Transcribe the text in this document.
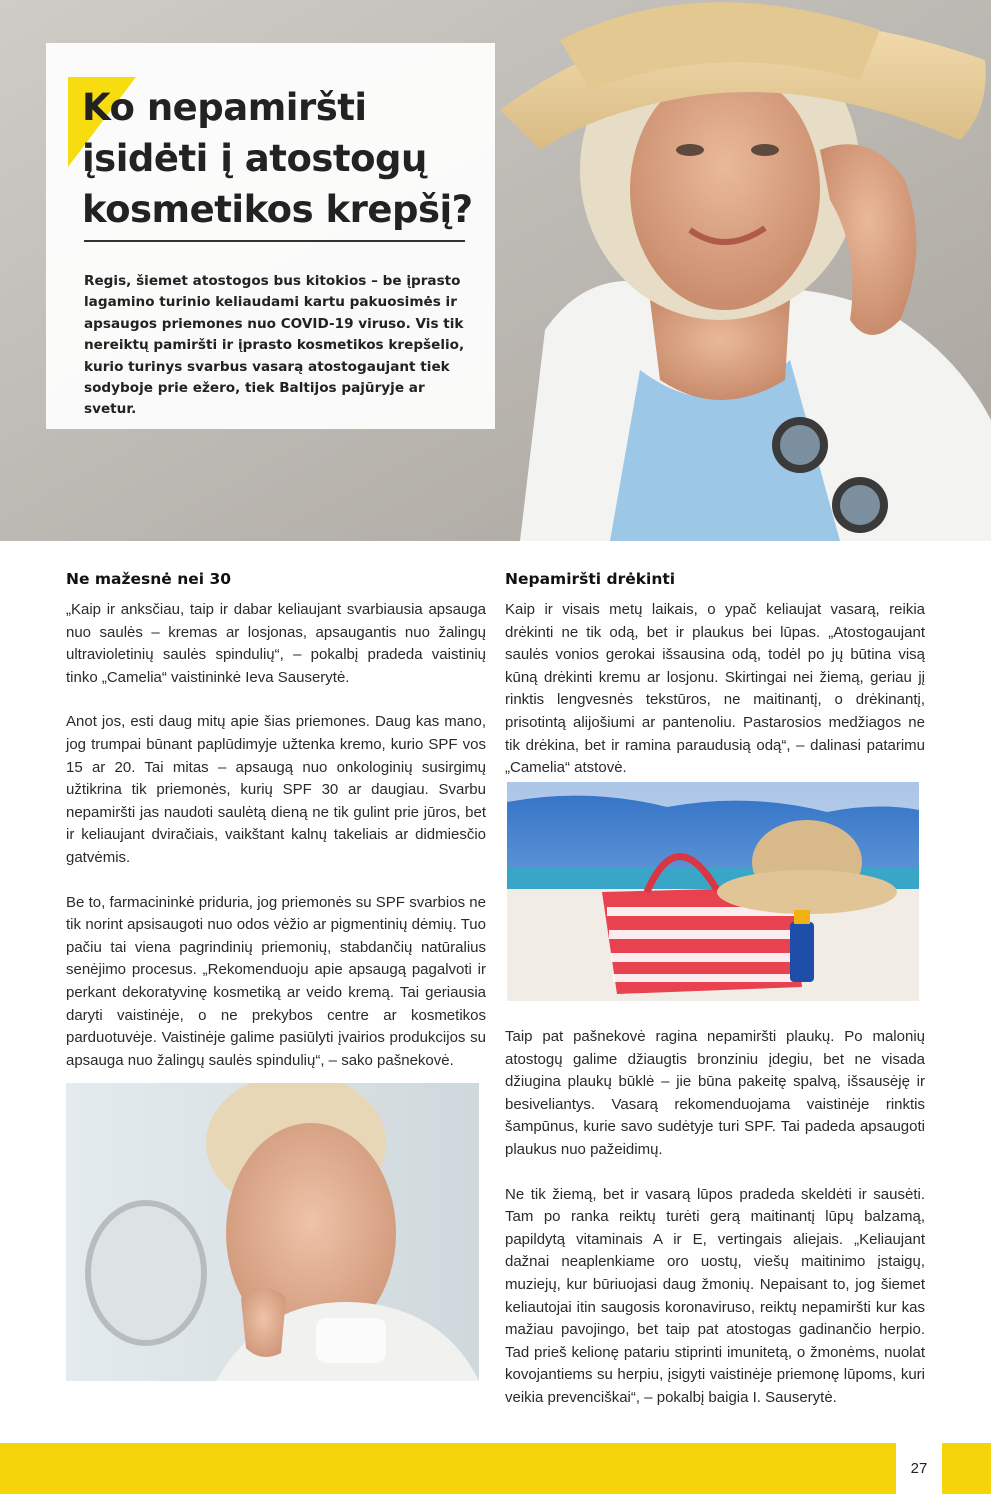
Ko nepamiršti
įsidėti į atostogų
kosmetikos krepšį?

Regis, šiemet atostogos bus kitokios – be įprasto lagamino turinio keliaudami kartu pakuosimės ir apsaugos priemones nuo COVID-19 viruso. Vis tik nereiktų pamiršti ir įprasto kosmetikos krepšelio, kurio turinys svarbus vasarą atostogaujant tiek sodyboje prie ežero, tiek Baltijos pajūryje ar svetur.

Ne mažesnė nei 30

„Kaip ir anksčiau, taip ir dabar keliaujant svarbiausia apsauga nuo saulės – kremas ar losjonas, apsaugantis nuo žalingų ultravioletinių saulės spindulių“, – pokalbį pradeda vaistinių tinko „Camelia“ vaistininkė Ieva Sauserytė.

Anot jos, esti daug mitų apie šias priemones. Daug kas mano, jog trumpai būnant paplūdimyje užtenka kremo, kurio SPF vos 15 ar 20. Tai mitas – apsaugą nuo onkologinių susirgimų užtikrina tik priemonės, kurių SPF 30 ar daugiau. Svarbu nepamiršti jas naudoti saulėtą dieną ne tik gulint prie jūros, bet ir keliaujant dviračiais, vaikštant kalnų takeliais ar didmiesčio gatvėmis.

Be to, farmacininkė priduria, jog priemonės su SPF svarbios ne tik norint apsisaugoti nuo odos vėžio ar pigmentinių dėmių. Tuo pačiu tai viena pagrindinių priemonių, stabdančių natūralius senėjimo procesus. „Rekomenduoju apie apsaugą pagalvoti ir perkant dekoratyvinę kosmetiką ar veido kremą. Tai geriausia daryti vaistinėje, o ne prekybos centre ar kosmetikos parduotuvėje. Vaistinėje galime pasiūlyti įvairios produkcijos su apsauga nuo žalingų saulės spindulių“, – sako pašnekovė.

Nepamiršti drėkinti

Kaip ir visais metų laikais, o ypač keliaujat vasarą, reikia drėkinti ne tik odą, bet ir plaukus bei lūpas. „Atostogaujant saulės vonios gerokai išsausina odą, todėl po jų būtina visą kūną drėkinti kremu ar losjonu. Skirtingai nei žiemą, geriau jį rinktis lengvesnės tekstūros, ne maitinantį, o drėkinantį, prisotintą alijošiumi ar pantenoliu. Pastarosios medžiagos ne tik drėkina, bet ir ramina paraudusią odą“, – dalinasi patarimu „Camelia“ atstovė.

Taip pat pašnekovė ragina nepamiršti plaukų. Po malonių atostogų galime džiaugtis bronziniu įdegiu, bet ne visada džiugina plaukų būklė – jie būna pakeitę spalvą, išsausėję ir besiveliantys. Vasarą rekomenduojama vaistinėje rinktis šampūnus, kurie savo sudėtyje turi SPF. Tai padeda apsaugoti plaukus nuo pažeidimų.

Ne tik žiemą, bet ir vasarą lūpos pradeda skeldėti ir sausėti. Tam po ranka reiktų turėti gerą maitinantį lūpų balzamą, papildytą vitaminais A ir E, vertingais aliejais. „Keliaujant dažnai neaplenkiame oro uostų, viešų maitinimo įstaigų, muziejų, kur būriuojasi daug žmonių. Nepaisant to, jog šiemet keliautojai itin saugosis koronaviruso, reiktų nepamiršti kur kas mažiau pavojingo, bet taip pat atostogas gadinančio herpio. Tad prieš kelionę patariu stiprinti imunitetą, o žmonėms, nuolat kovojantiems su herpiu, įsigyti vaistinėje priemonę lūpoms, kuri veikia prevenciškai“, – pokalbį baigia I. Sauserytė.

27
